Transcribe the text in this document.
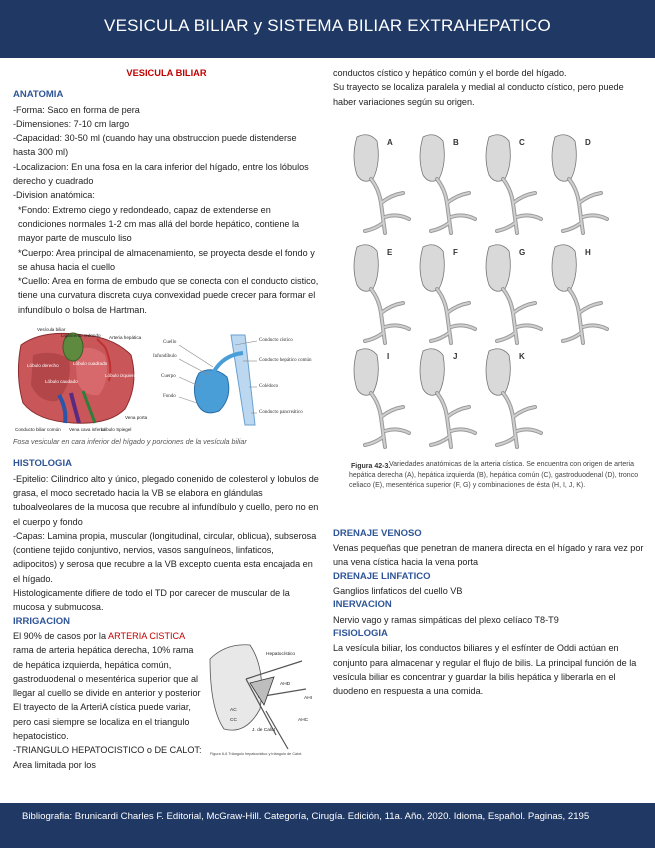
VESICULA BILIAR y SISTEMA BILIAR EXTRAHEPATICO
VESICULA BILIAR
ANATOMIA

-Forma: Saco en forma de pera

-Dimensiones: 7-10 cm largo

-Capacidad: 30-50 ml (cuando hay una obstruccion puede distenderse hasta 300 ml)

-Localizacion: En una fosa en la cara inferior del hígado, entre los lóbulos derecho y cuadrado

-Division anatómica:

*Fondo: Extremo ciego y redondeado, capaz de extenderse en condiciones normales 1-2 cm mas allá del borde hepático, contiene la mayor parte de musculo liso

*Cuerpo: Area principal de almacenamiento, se proyecta desde el fondo y se ahusa hacia el cuello

*Cuello: Area en forma de embudo que se conecta con el conducto cistico, tiene una curvatura discreta cuya convexidad puede crecer para formar el infundíbulo o bolsa de Hartman.

Vesícula biliar
Ligamento redondo Arteria hepática
Lóbulo derecho	Lóbulo cuadrado
Lóbulo izquierdo
Lóbulo caudado
Vena porta
Conducto biliar común Vena cava inferior
Lóbulo Spiegel
Cuello
Infundíbulo
Cuerpo
Fondo
Conducto cístico
Conducto hepático común
Colédoco
Conducto pancreático
Fosa vesicular en cara inferior del hígado y porciones de la vesícula biliar
HISTOLOGIA

-Epitelio: Cilindrico alto y único, plegado conenido de colesterol y lobulos de grasa, el moco secretado hacia la VB se elabora en glándulas tuboalveolares de la mucosa que recubre al infundíbulo y cuello, pero no en el cuerpo y fondo

-Capas: Lamina propia, muscular (longitudinal, circular, oblicua), subserosa (contiene tejido conjuntivo, nervios, vasos sanguíneos, linfaticos, adipocitos) y serosa que recubre a la VB excepto cuenta esta encajada en el hígado.

Histologicamente difiere de todo el TD por carecer de muscular de la mucosa y submucosa.

IRRIGACION

El 90% de casos por la ARTERIA CISTICA rama de arteria hepática derecha, 10% rama de hepática izquierda, hepática común, gastroduodenal o mesentérica superior que al llegar al cuello se divide en anterior y posterior

El trayecto de la ArteriA cística puede variar, pero casi siempre se localiza en el triangulo hepatocistico.

-TRIANGULO HEPATOCISTICO o DE CALOT: Area limitada por los

Hepatocístico
AHD
AHI
AC
CC
J. de Calot
AHC
Figura 6-6 Triángulo hepatocístico y triángulo de Calot.

conductos cístico y hepático común y el borde del hígado.

Su trayecto se localiza paralela y medial al conducto cístico, pero puede haber variaciones según su origen.

A	B	C	D
E	F	G	H
I	J	K
Figura 42-3.
Variedades anatómicas de la arteria cística. Se encuentra con origen de arteria hepática derecha (A), hepática izquierda (B), hepática común (C), gastroduodenal (D), tronco celiaco (E), mesentérica superior (F, G) y combinaciones de ésta (H, I, J, K).
DRENAJE VENOSO

Venas pequeñas que penetran de manera directa en el hígado y rara vez por una vena cística hacia la vena porta

DRENAJE LINFATICO

Ganglios linfaticos del cuello VB

INERVACION

Nervio vago y ramas simpáticas del plexo celíaco T8-T9

FISIOLOGIA

La vesícula biliar, los conductos biliares y el esfínter de Oddi actúan en conjunto para almacenar y regular el flujo de bilis. La principal función de la vesícula biliar es concentrar y guardar la bilis hepática y liberarla en el duodeno en respuesta a una comida.

Bibliografia: Brunicardi Charles F. Editorial, McGraw-Hill. Categoría, Cirugía. Edición, 11a. Año, 2020. Idioma, Español. Paginas, 2195
